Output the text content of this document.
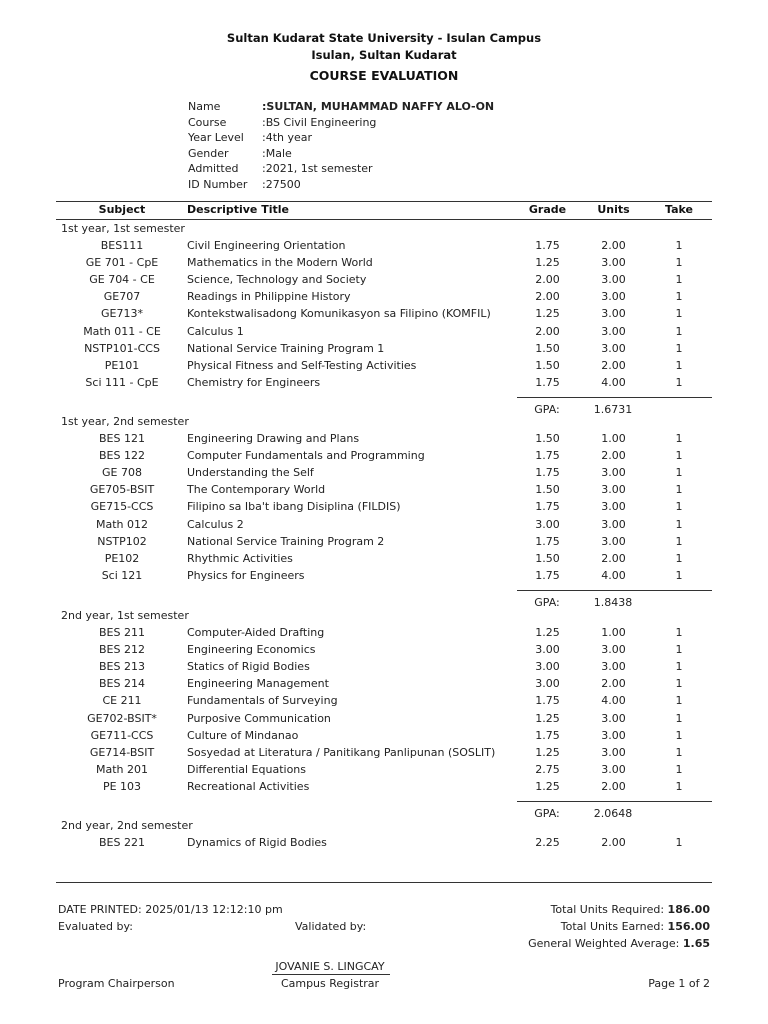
Sultan Kudarat State University - Isulan Campus
Isulan, Sultan Kudarat
COURSE EVALUATION
Name	:SULTAN, MUHAMMAD NAFFY ALO-ON
Course	:BS Civil Engineering
Year Level :4th year
Gender	:Male
Admitted :2021, 1st semester
ID Number :27500
Subject	Descriptive Title	Grade	Units	Take
1st year, 1st semester
BES111	Civil Engineering Orientation	1.75	2.00	1
GE 701 - CpE	Mathematics in the Modern World	1.25	3.00	1
GE 704 - CE	Science, Technology and Society	2.00	3.00	1
GE707	Readings in Philippine History	2.00	3.00	1
GE713*	Kontekstwalisadong Komunikasyon sa Filipino (KOMFIL)	1.25	3.00	1
Math 011 - CE	Calculus 1	2.00	3.00	1
NSTP101-CCS	National Service Training Program 1	1.50	3.00	1
PE101	Physical Fitness and Self-Testing Activities	1.50	2.00	1
Sci 111 - CpE	Chemistry for Engineers	1.75	4.00	1
GPA:	1.6731
1st year, 2nd semester
BES 121	Engineering Drawing and Plans	1.50	1.00	1
BES 122	Computer Fundamentals and Programming	1.75	2.00	1
GE 708	Understanding the Self	1.75	3.00	1
GE705-BSIT	The Contemporary World	1.50	3.00	1
GE715-CCS	Filipino sa Iba't ibang Disiplina (FILDIS)	1.75	3.00	1
Math 012	Calculus 2	3.00	3.00	1
NSTP102	National Service Training Program 2	1.75	3.00	1
PE102	Rhythmic Activities	1.50	2.00	1
Sci 121	Physics for Engineers	1.75	4.00	1
GPA:	1.8438
2nd year, 1st semester
BES 211	Computer-Aided Drafting	1.25	1.00	1
BES 212	Engineering Economics	3.00	3.00	1
BES 213	Statics of Rigid Bodies	3.00	3.00	1
BES 214	Engineering Management	3.00	2.00	1
CE 211	Fundamentals of Surveying	1.75	4.00	1
GE702-BSIT*	Purposive Communication	1.25	3.00	1
GE711-CCS	Culture of Mindanao	1.75	3.00	1
GE714-BSIT	Sosyedad at Literatura / Panitikang Panlipunan (SOSLIT)	1.25	3.00	1
Math 201	Differential Equations	2.75	3.00	1
PE 103	Recreational Activities	1.25	2.00	1
GPA:	2.0648
2nd year, 2nd semester
BES 221	Dynamics of Rigid Bodies	2.25	2.00	1
DATE PRINTED: 2025/01/13 12:12:10 pm
Evaluated by:	Validated by:
Total Units Required: 186.00
Total Units Earned: 156.00
General Weighted Average: 1.65
JOVANIE S. LINGCAY
Campus Registrar
Program Chairperson	Page 1 of 2
